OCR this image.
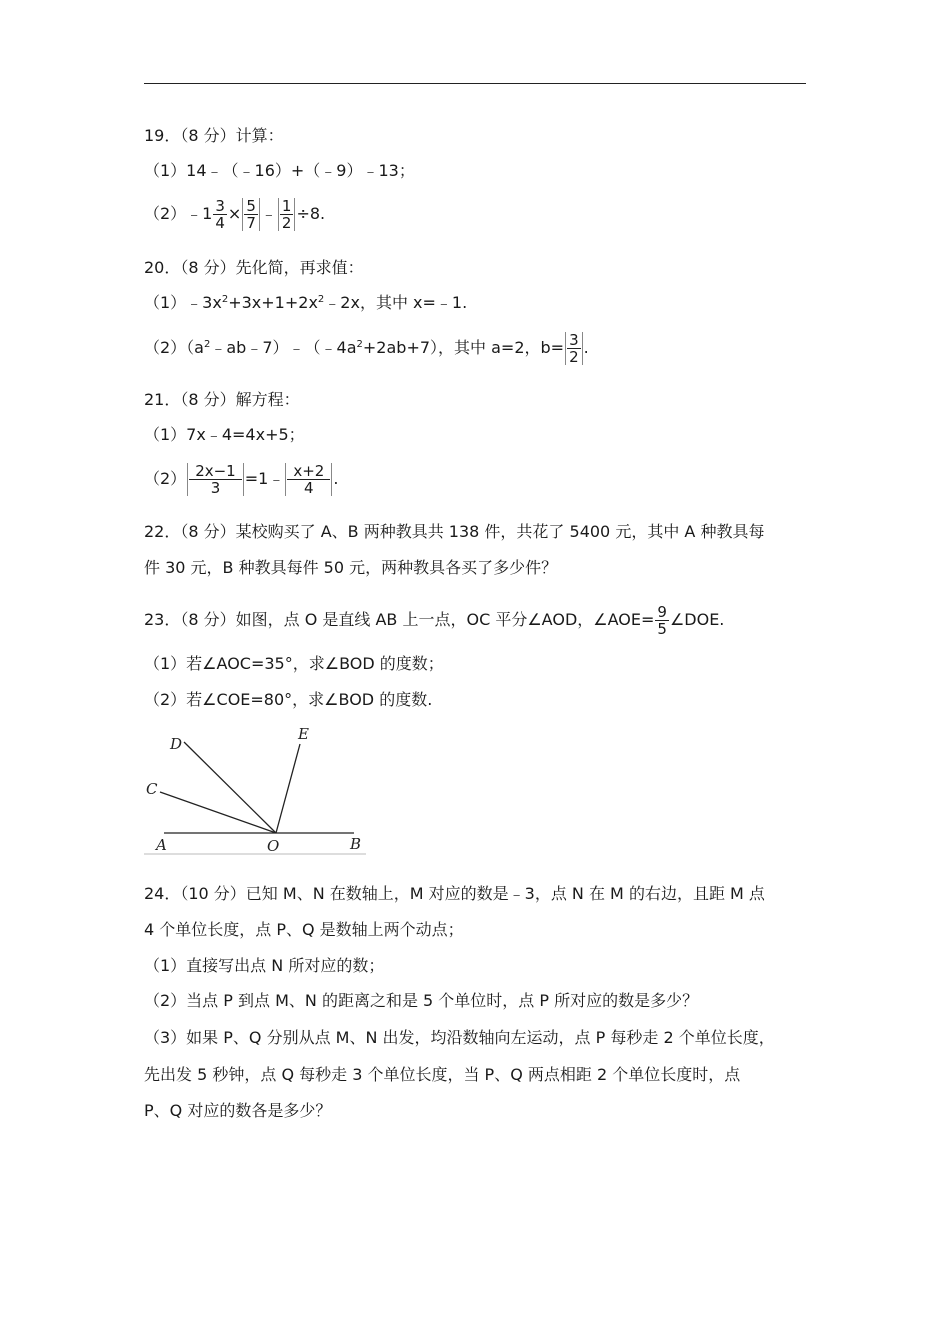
19．（8 分）计算：
（1）14﹣（﹣16）+（﹣9）﹣13；
（2）﹣1 $\frac{3}{4} \times \frac{5}{7}$ ﹣ $\frac{1}{2} \div 8$.
20．（8 分）先化简，再求值：
$(1)﹣3x^2+3x+1+2x^2﹣2x$，其中 x=﹣1.
$(2)(a^2﹣ab﹣7)﹣(﹣4a^2+2ab+7)$，其中 a=2，$b= \frac{3}{2}$ .
21．（8 分）解方程：
（1）7x﹣4=4x+5；
$(2) \frac{2x-1}{3}$ =1﹣ $\frac{x+2}{4}$ .
22．（8 分）某校购买了 A、B 两种教具共 138 件，共花了 5400 元，其中 A 种教具每
件 30 元，B 种教具每件 50 元，两种教具各买了多少件？
23．（8 分）如图，点 O 是直线 AB 上一点，OC 平分∠AOD，∠AOE= $\frac{9}{5}$ ∠DOE.
（1）若∠AOC=35°，求∠BOD 的度数；
（2）若∠COE=80°，求∠BOD 的度数.
D
C
E
A	O	B
24．（10 分）已知 M、N 在数轴上，M 对应的数是﹣3，点 N 在 M 的右边，且距 M 点
4 个单位长度，点 P、Q 是数轴上两个动点；
（1）直接写出点 N 所对应的数；
（2）当点 P 到点 M、N 的距离之和是 5 个单位时，点 P 所对应的数是多少？
（3）如果 P、Q 分别从点 M、N 出发，均沿数轴向左运动，点 P 每秒走 2 个单位长度，
先出发 5 秒钟，点 Q 每秒走 3 个单位长度，当 P、Q 两点相距 2 个单位长度时，点
P、Q 对应的数各是多少？
